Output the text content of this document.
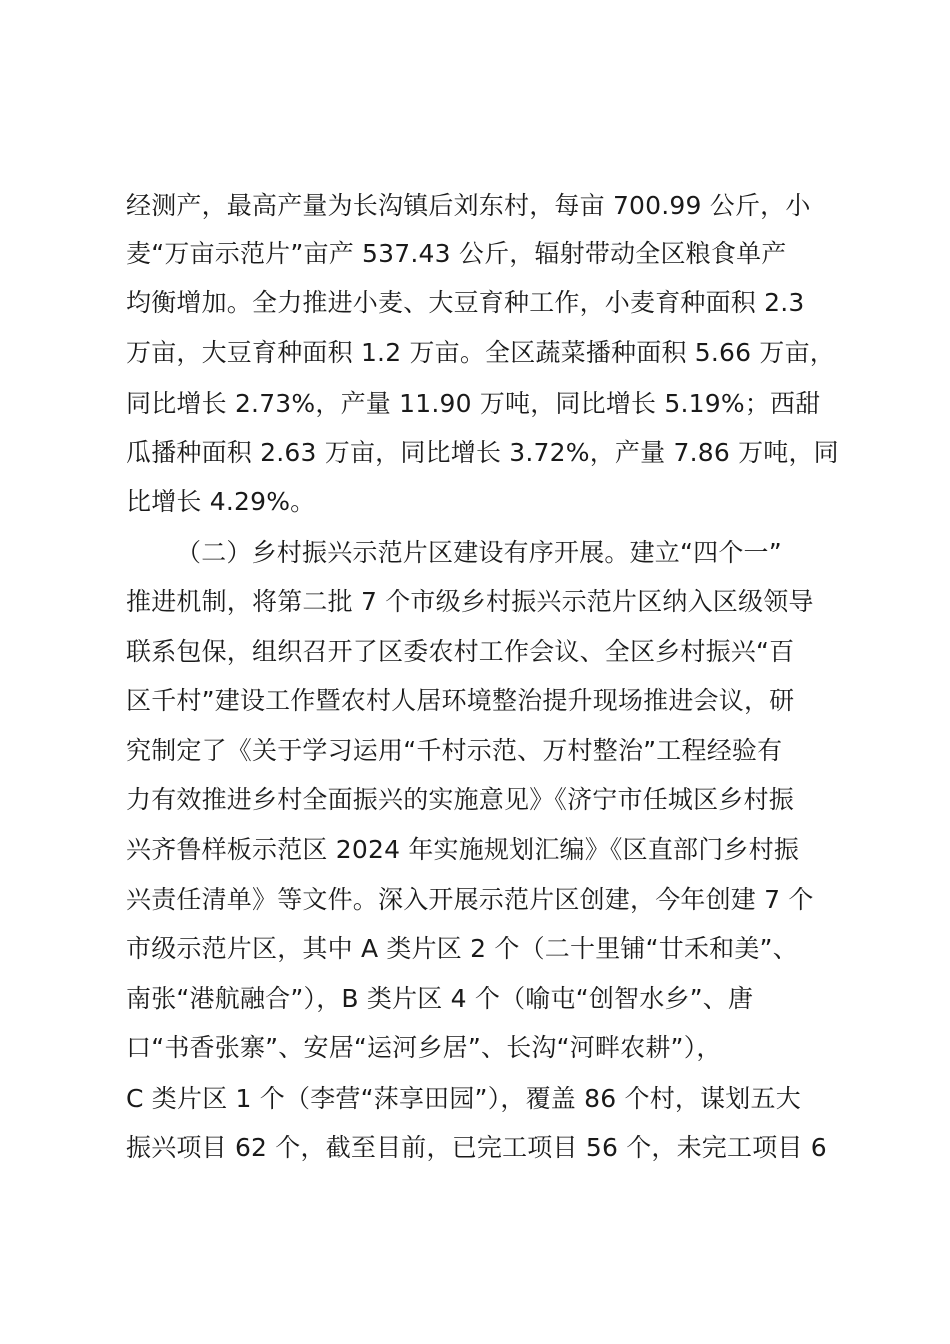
经测产，最高产量为长沟镇后刘东村，每亩 700.99 公斤，小
麦“万亩示范片”亩产 537.43 公斤，辐射带动全区粮食单产
均衡增加。全力推进小麦、大豆育种工作，小麦育种面积 2.3
万亩，大豆育种面积 1.2 万亩。全区蔬菜播种面积 5.66 万亩，
同比增长 2.73%，产量 11.90 万吨，同比增长 5.19%；西甜
瓜播种面积 2.63 万亩，同比增长 3.72%，产量 7.86 万吨，同
比增长 4.29%。
（二）乡村振兴示范片区建设有序开展。建立“四个一”
推进机制，将第二批 7 个市级乡村振兴示范片区纳入区级领导
联系包保，组织召开了区委农村工作会议、全区乡村振兴“百
区千村”建设工作暨农村人居环境整治提升现场推进会议，研
究制定了《关于学习运用“千村示范、万村整治”工程经验有
力有效推进乡村全面振兴的实施意见》《济宁市任城区乡村振
兴齐鲁样板示范区 2024 年实施规划汇编》《区直部门乡村振
兴责任清单》等文件。深入开展示范片区创建，今年创建 7 个
市级示范片区，其中 A 类片区 2 个（二十里铺“廿禾和美”、
南张“港航融合”），B 类片区 4 个（喻屯“创智水乡”、唐
口“书香张寨”、安居“运河乡居”、长沟“河畔农耕”），
C 类片区 1 个（李营“莯享田园”），覆盖 86 个村，谋划五大
振兴项目 62 个，截至目前，已完工项目 56 个，未完工项目 6
